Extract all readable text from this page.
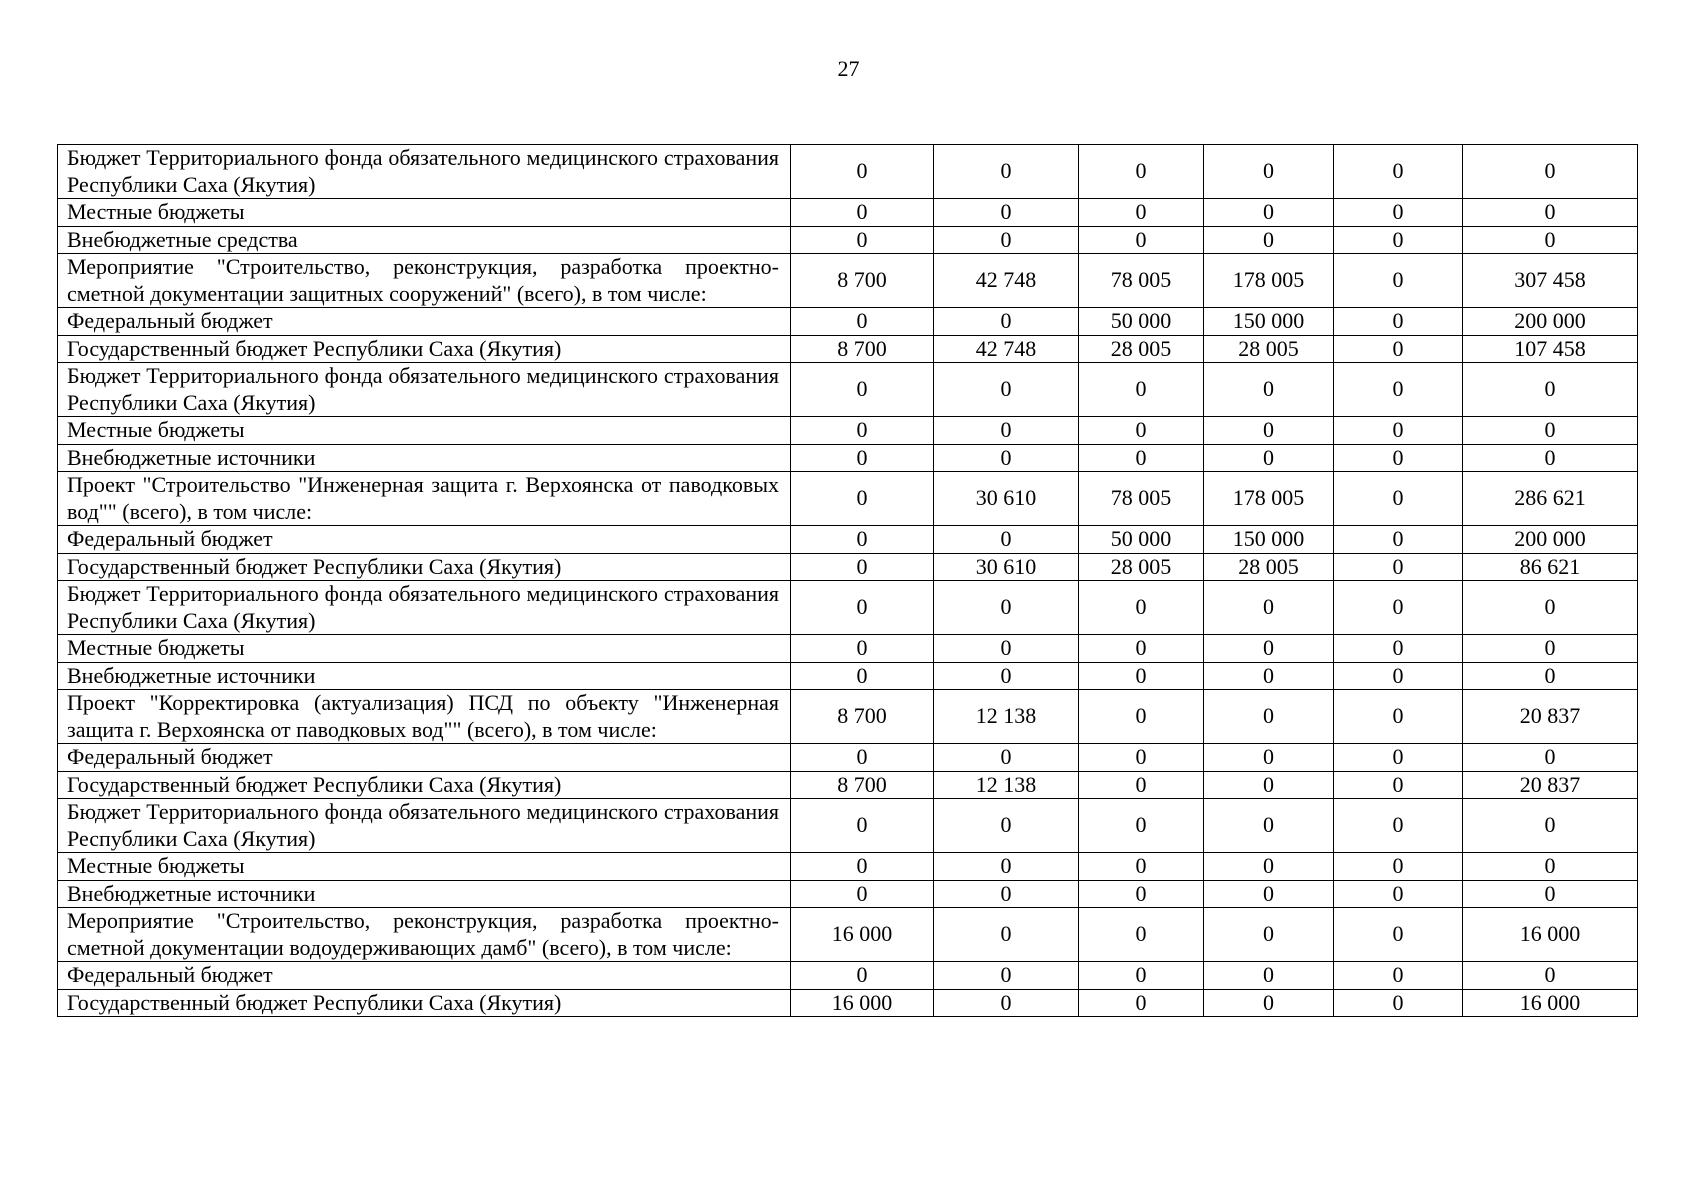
27
Бюджет Территориального фонда обязательного медицинского страхования Республики Саха (Якутия)	0	0	0	0	0	0
Местные бюджеты	0	0	0	0	0	0
Внебюджетные средства	0	0	0	0	0	0
Мероприятие "Строительство, реконструкция, разработка проектно-сметной документации защитных сооружений" (всего), в том числе:	8 700	42 748	78 005	178 005	0	307 458
Федеральный бюджет	0	0	50 000	150 000	0	200 000
Государственный бюджет Республики Саха (Якутия)	8 700	42 748	28 005	28 005	0	107 458
Бюджет Территориального фонда обязательного медицинского страхования Республики Саха (Якутия)	0	0	0	0	0	0
Местные бюджеты	0	0	0	0	0	0
Внебюджетные источники	0	0	0	0	0	0
Проект "Строительство "Инженерная защита г. Верхоянска от паводковых вод"" (всего), в том числе:	0	30 610	78 005	178 005	0	286 621
Федеральный бюджет	0	0	50 000	150 000	0	200 000
Государственный бюджет Республики Саха (Якутия)	0	30 610	28 005	28 005	0	86 621
Бюджет Территориального фонда обязательного медицинского страхования Республики Саха (Якутия)	0	0	0	0	0	0
Местные бюджеты	0	0	0	0	0	0
Внебюджетные источники	0	0	0	0	0	0
Проект "Корректировка (актуализация) ПСД по объекту "Инженерная защита г. Верхоянска от паводковых вод"" (всего), в том числе:	8 700	12 138	0	0	0	20 837
Федеральный бюджет	0	0	0	0	0	0
Государственный бюджет Республики Саха (Якутия)	8 700	12 138	0	0	0	20 837
Бюджет Территориального фонда обязательного медицинского страхования Республики Саха (Якутия)	0	0	0	0	0	0
Местные бюджеты	0	0	0	0	0	0
Внебюджетные источники	0	0	0	0	0	0
Мероприятие "Строительство, реконструкция, разработка проектно-сметной документации водоудерживающих дамб" (всего), в том числе:	16 000	0	0	0	0	16 000
Федеральный бюджет	0	0	0	0	0	0
Государственный бюджет Республики Саха (Якутия)	16 000	0	0	0	0	16 000
